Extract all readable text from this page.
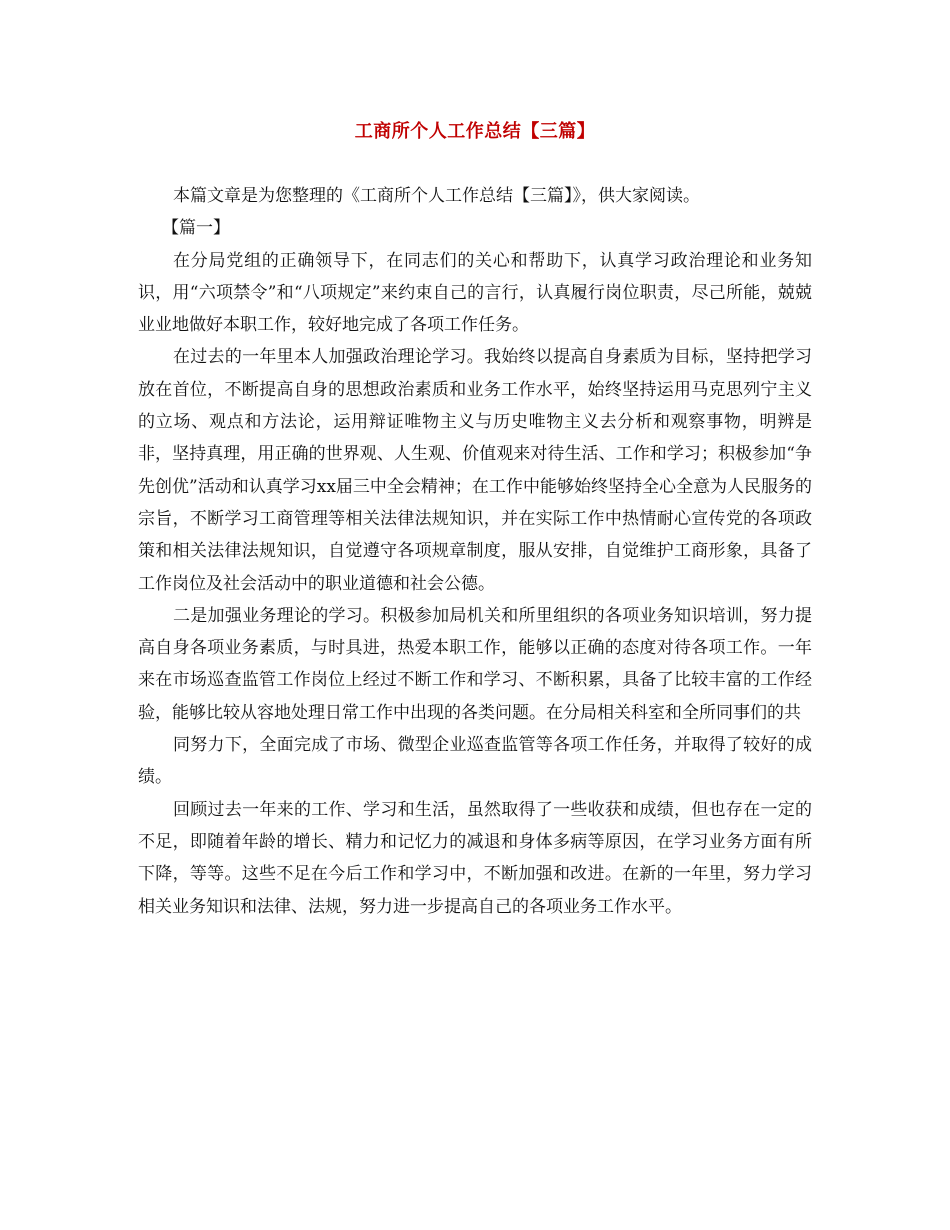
工商所个人工作总结【三篇】

本篇文章是为您整理的《工商所个人工作总结【三篇】》，供大家阅读。

【篇一】

在分局党组的正确领导下，在同志们的关心和帮助下，认真学习政治理论和业务知识，用“六项禁令”和“八项规定”来约束自己的言行，认真履行岗位职责，尽己所能，兢兢业业地做好本职工作，较好地完成了各项工作任务。

在过去的一年里本人加强政治理论学习。我始终以提高自身素质为目标，坚持把学习放在首位，不断提高自身的思想政治素质和业务工作水平，始终坚持运用马克思列宁主义的立场、观点和方法论，运用辩证唯物主义与历史唯物主义去分析和观察事物，明辨是非，坚持真理，用正确的世界观、人生观、价值观来对待生活、工作和学习；积极参加“争先创优”活动和认真学习xx届三中全会精神；在工作中能够始终坚持全心全意为人民服务的宗旨，不断学习工商管理等相关法律法规知识，并在实际工作中热情耐心宣传党的各项政策和相关法律法规知识，自觉遵守各项规章制度，服从安排，自觉维护工商形象，具备了工作岗位及社会活动中的职业道德和社会公德。

二是加强业务理论的学习。积极参加局机关和所里组织的各项业务知识培训，努力提高自身各项业务素质，与时具进，热爱本职工作，能够以正确的态度对待各项工作。一年来在市场巡查监管工作岗位上经过不断工作和学习、不断积累，具备了比较丰富的工作经验，能够比较从容地处理日常工作中出现的各类问题。在分局相关科室和全所同事们的共

同努力下，全面完成了市场、微型企业巡查监管等各项工作任务，并取得了较好的成绩。

回顾过去一年来的工作、学习和生活，虽然取得了一些收获和成绩，但也存在一定的不足，即随着年龄的增长、精力和记忆力的减退和身体多病等原因，在学习业务方面有所下降，等等。这些不足在今后工作和学习中，不断加强和改进。在新的一年里，努力学习相关业务知识和法律、法规，努力进一步提高自己的各项业务工作水平。
